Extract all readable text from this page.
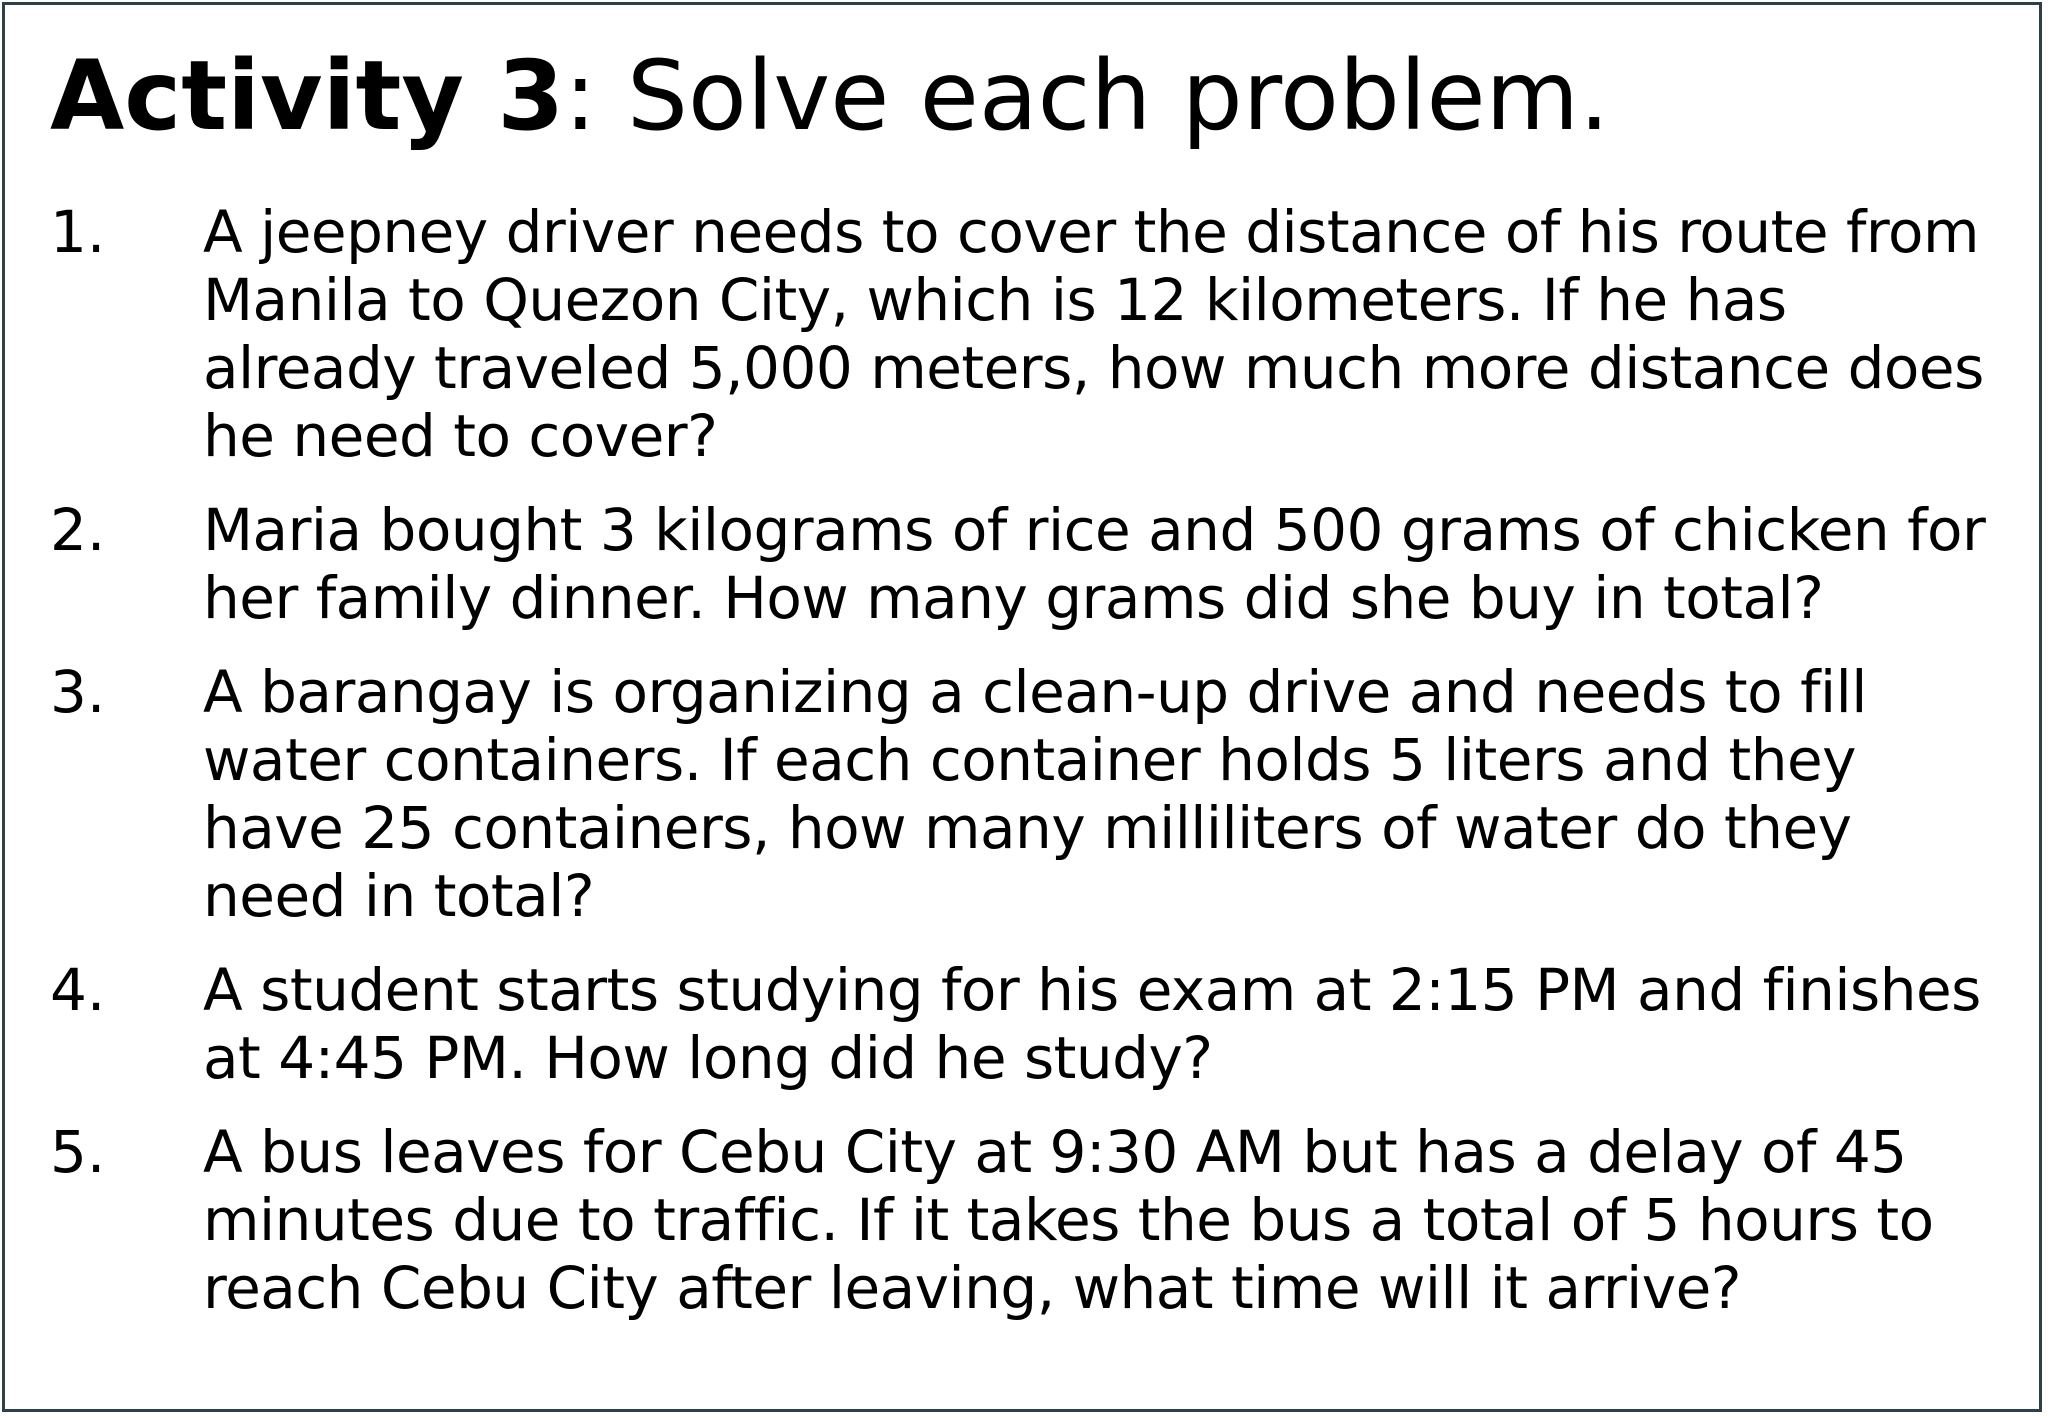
Activity 3: Solve each problem.
1. A jeepney driver needs to cover the distance of his route from Manila to Quezon City, which is 12 kilometers. If he has already traveled 5,000 meters, how much more distance does he need to cover?
2. Maria bought 3 kilograms of rice and 500 grams of chicken for her family dinner. How many grams did she buy in total?
3. A barangay is organizing a clean-up drive and needs to fill water containers. If each container holds 5 liters and they have 25 containers, how many milliliters of water do they need in total?
4. A student starts studying for his exam at 2:15 PM and finishes at 4:45 PM. How long did he study?
5. A bus leaves for Cebu City at 9:30 AM but has a delay of 45 minutes due to traffic. If it takes the bus a total of 5 hours to reach Cebu City after leaving, what time will it arrive?
